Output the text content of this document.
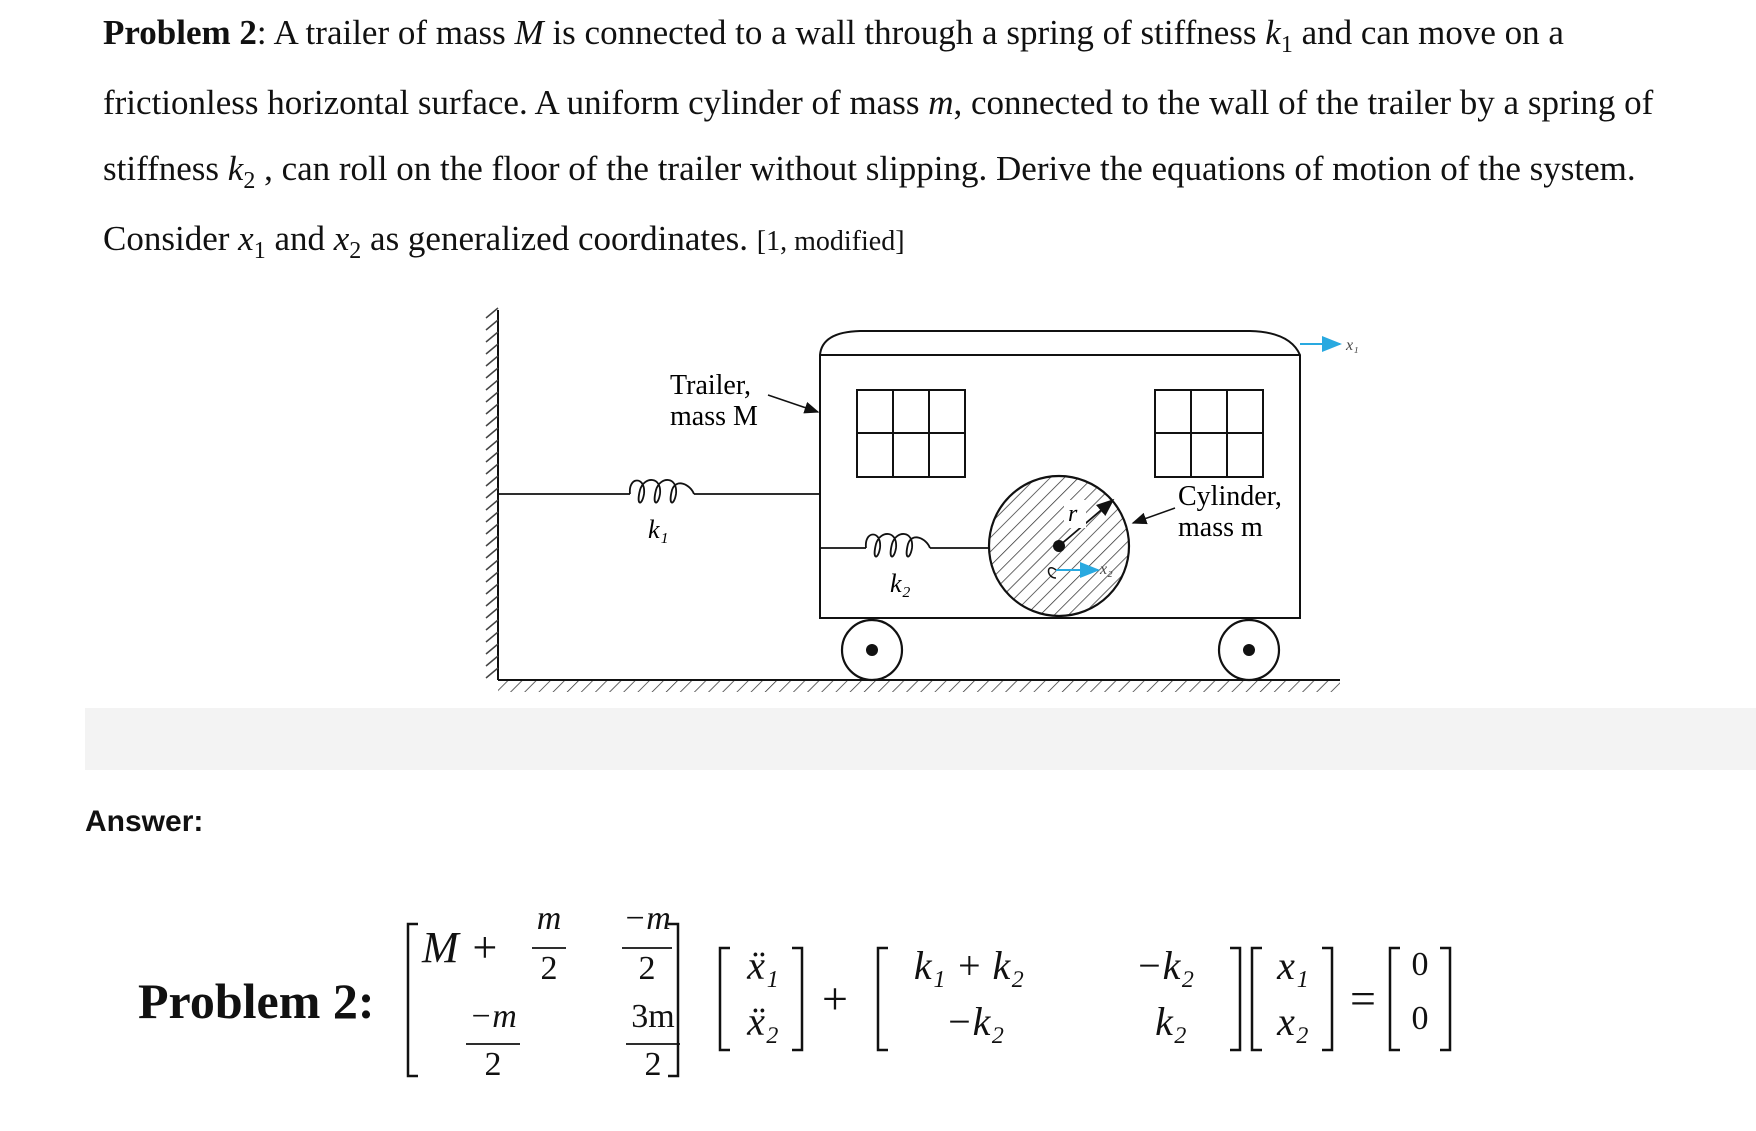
Problem 2: A trailer of mass M is connected to a wall through a spring of stiffness $k_1$ and can move on a frictionless horizontal surface. A uniform cylinder of mass m, connected to the wall of the trailer by a spring of stiffness $k_2$ , can roll on the floor of the trailer without slipping. Derive the equations of motion of the system. Consider $x_1$ and $x_2$ as generalized coordinates. [1, modified]

k₁
Trailer,
mass M
k₂
r
x₂
Cylinder,
mass m
x₁
Answer:
Problem 2:
M +
m
2
−m
2
−m
2
3m
2
ẍ₁
ẍ₂ +
k₁ + k₂	−k₂
−k₂	k₂
x₁
x₂ =
0
0
